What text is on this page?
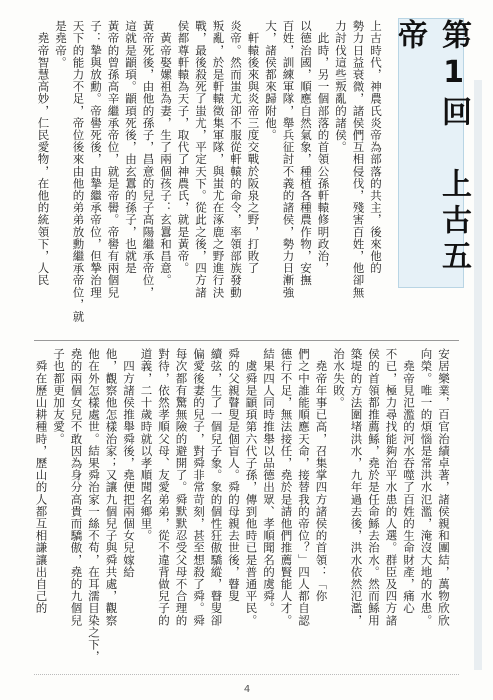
第1回　上古五帝
上古時代，神農氏炎帝為部落的共主，後來他的
勢力日益衰微，諸侯們互相侵伐，殘害百姓，他卻無
力討伐這些叛亂的諸侯。
　此時，另一個部落的首領公孫軒轅修明政治，
以德治國，順應自然氣象，種植各種農作物，安撫
百姓，訓練軍隊，舉兵征討不義的諸侯，勢力日漸強
大，諸侯都來歸附他。
　軒轅後來與炎帝三度交戰於阪泉之野，打敗了
炎帝。然而蚩尤卻不服從軒轅的命令，率領部族發動
叛亂，於是軒轅徵集軍隊，與蚩尤在涿鹿之野進行決
戰，最後殺死了蚩尤，平定天下。從此之後，四方諸
侯都尊軒轅為天子，取代了神農氏，就是黃帝。
　黃帝娶嫘祖為妻，生了兩個孩子：玄囂和昌意。
黃帝死後，由他的孫子，昌意的兒子高陽繼承帝位，
這就是顓頊。顓頊死後，由玄囂的孫子，也就是
黃帝的曾孫高辛繼承帝位，就是帝嚳。帝嚳有兩個兒
子：摯與放勳。帝嚳死後，由摯繼承帝位，但摯治理
天下的能力不足，帝位後來由他的弟弟放勳繼承帝位，就
是堯帝。
　堯帝智慧高妙，仁民愛物，在他的統領下，人民
安居樂業，百官治績卓著，諸侯親和團結，萬物欣欣
向榮。唯一的煩惱是常洪水氾濫，淹沒大地的水患。
　堯帝見氾濫的河水吞噬了百姓的生命財產，痛心
不已，極力尋找能夠治平水患的人選。群臣及四方諸
侯的首領都推薦鯀，堯於是任命鯀去治水。然而鯀用
築堤的方法圍堵洪水，九年過去後，洪水依然氾濫，
治水失敗。
　堯帝年事已高，召集掌四方諸侯的首領：「你
們之中誰能順應天命，接替我的帝位？」四人都自認
德行不足，無法接任，堯於是請他們推薦賢能人才。
結果四人同時推舉以品德出眾、孝順聞名的虞舜。
　虞舜是顓頊第六代子孫，傳到他時已是普通平民。
舜的父親瞽叟是個盲人。舜的母親去世後，瞽叟
續弦，生了一個兒子象。象的個性狂傲驕縱，瞽叟卻
偏愛後妻的兒子，對舜非常苛刻，甚至想殺了舜。舜
每次都有驚無險的避開了。舜默默忍受父母不合理的
對待，依然孝順父母、友愛弟弟，從不違背做兒子的
道義，二十歲時就以孝順聞名鄉里。
　四方諸侯推舉舜後，堯便把兩個女兒嫁給
他，觀察他怎樣治家；又讓九個兒子與舜共處，觀察
他在外怎樣處世。結果舜治家一絲不苟，在耳濡目染之下，
堯的兩個女兒不敢因為身分高貴而驕傲，堯的九個兒
子也都更加友愛。
　舜在歷山耕種時，歷山的人都互相謙讓出自己的
4
